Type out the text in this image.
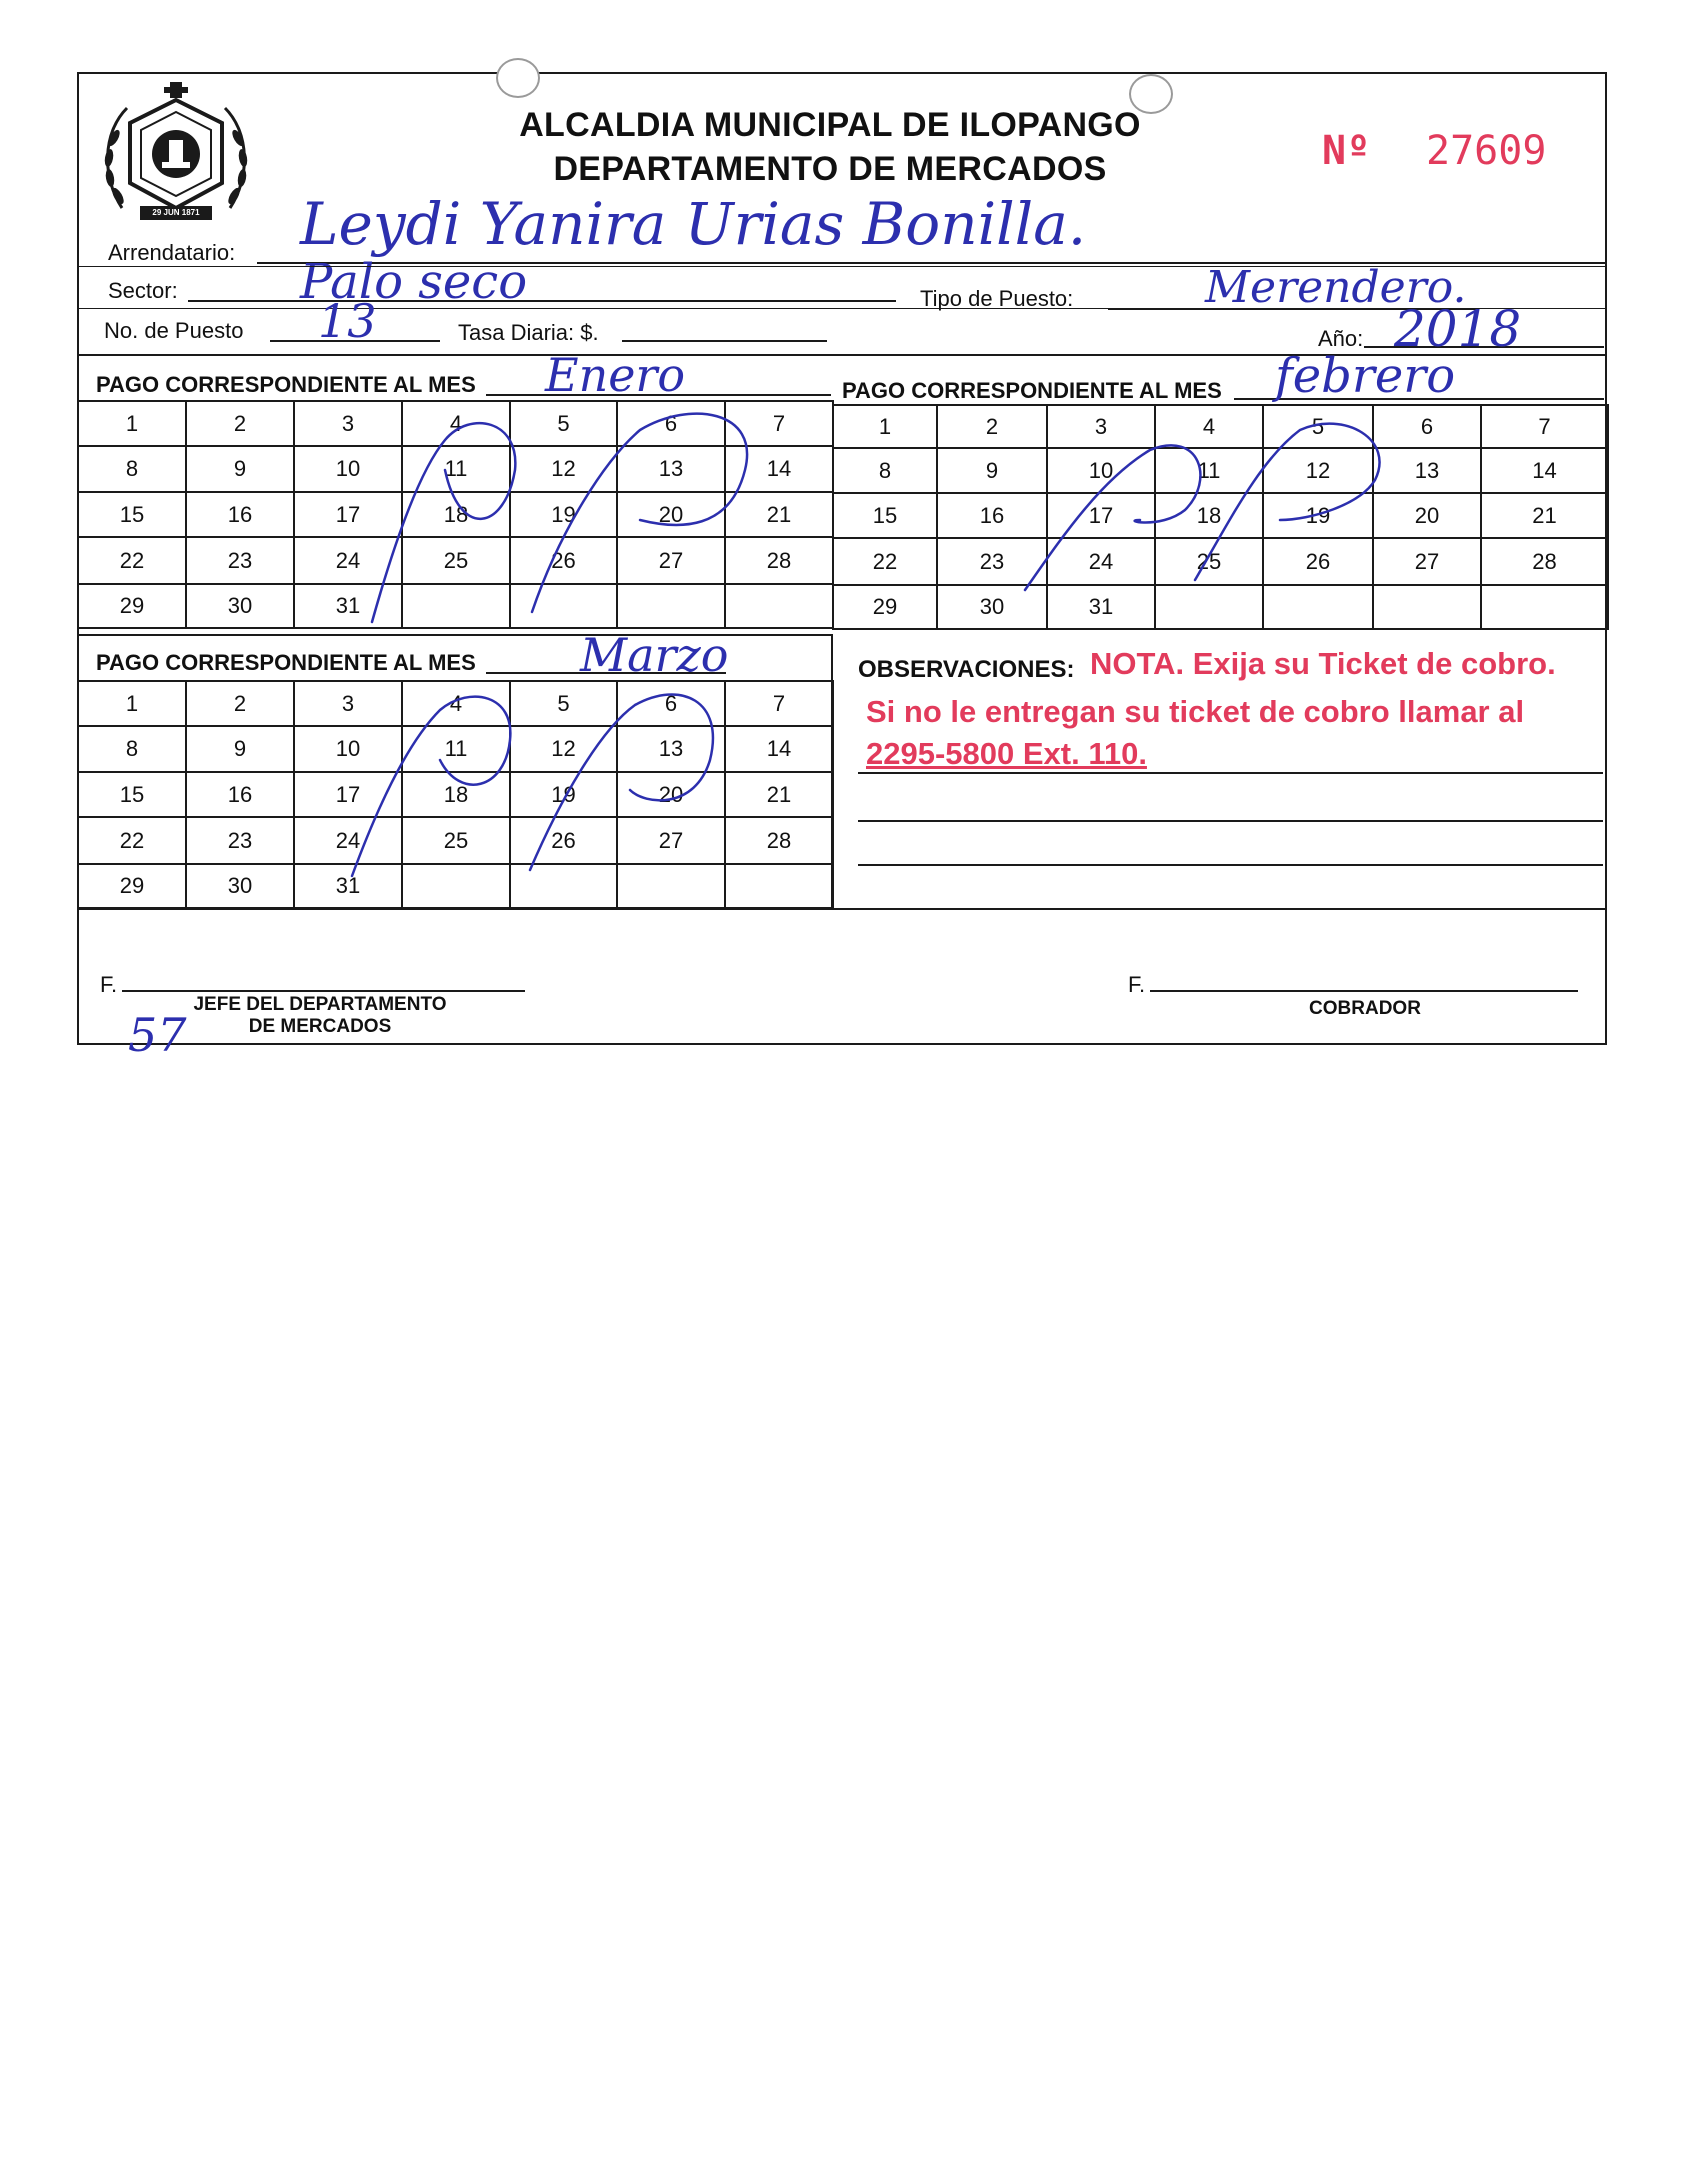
29 JUN 1871
ALCALDIA MUNICIPAL DE ILOPANGO
DEPARTAMENTO DE MERCADOS	Nº 27609
Arrendatario: Leydi Yanira Urias Bonilla.
Sector:	Palo seco	Tipo de Puesto:	Merendero.
No. de Puesto 13	Tasa Diaria: $.	Año: 2018
PAGO CORRESPONDIENTE AL MES Enero	PAGO CORRESPONDIENTE AL MES febrero
1	2	3	4	5	6	7
8	9	10	11	12	13	14
15	16	17	18	19	20	21
22	23	24	25	26	27	28
29	30	31				
1	2	3	4	5	6	7
8	9	10	11	12	13	14
15	16	17	18	19	20	21
22	23	24	25	26	27	28
29	30	31				
PAGO CORRESPONDIENTE AL MES Marzo
1	2	3	4	5	6	7
8	9	10	11	12	13	14
15	16	17	18	19	20	21
22	23	24	25	26	27	28
29	30	31				
OBSERVACIONES: NOTA. Exija su Ticket de cobro.
Si no le entregan su ticket de cobro llamar al
2295-5800 Ext. 110.
F.
JEFE DEL DEPARTAMENTO
DE MERCADOS
F.
COBRADOR
57
